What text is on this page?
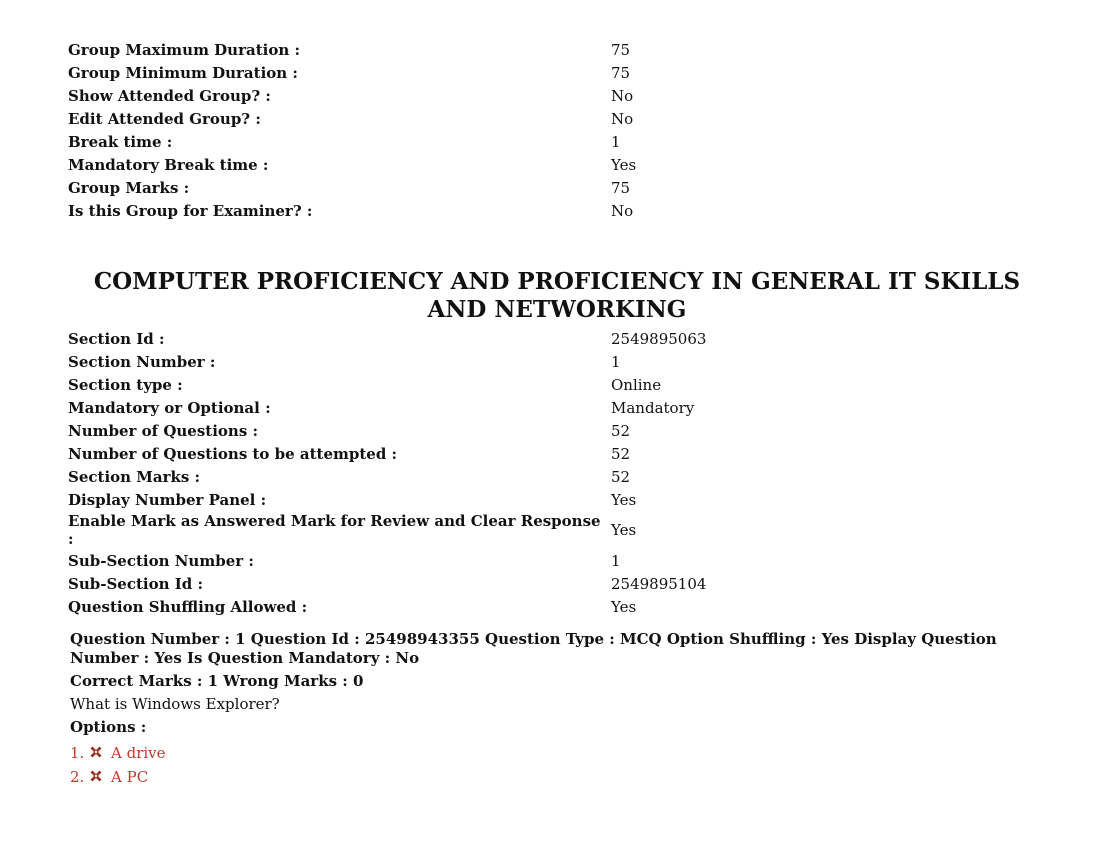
Group Maximum Duration :	75
Group Minimum Duration :	75
Show Attended Group? :	No
Edit Attended Group? :	No
Break time :	1
Mandatory Break time :	Yes
Group Marks :	75
Is this Group for Examiner? :	No
COMPUTER PROFICIENCY AND PROFICIENCY IN GENERAL IT SKILLS AND NETWORKING
Section Id :	2549895063
Section Number :	1
Section type :	Online
Mandatory or Optional :	Mandatory
Number of Questions :	52
Number of Questions to be attempted :	52
Section Marks :	52
Display Number Panel :	Yes
Enable Mark as Answered Mark for Review and Clear Response :	Yes
Sub-Section Number :	1
Sub-Section Id :	2549895104
Question Shuffling Allowed :	Yes
Question Number : 1 Question Id : 25498943355 Question Type : MCQ Option Shuffling : Yes Display Question Number : Yes Is Question Mandatory : No
Correct Marks : 1 Wrong Marks : 0
What is Windows Explorer?
Options :
1. A drive
2. A PC
